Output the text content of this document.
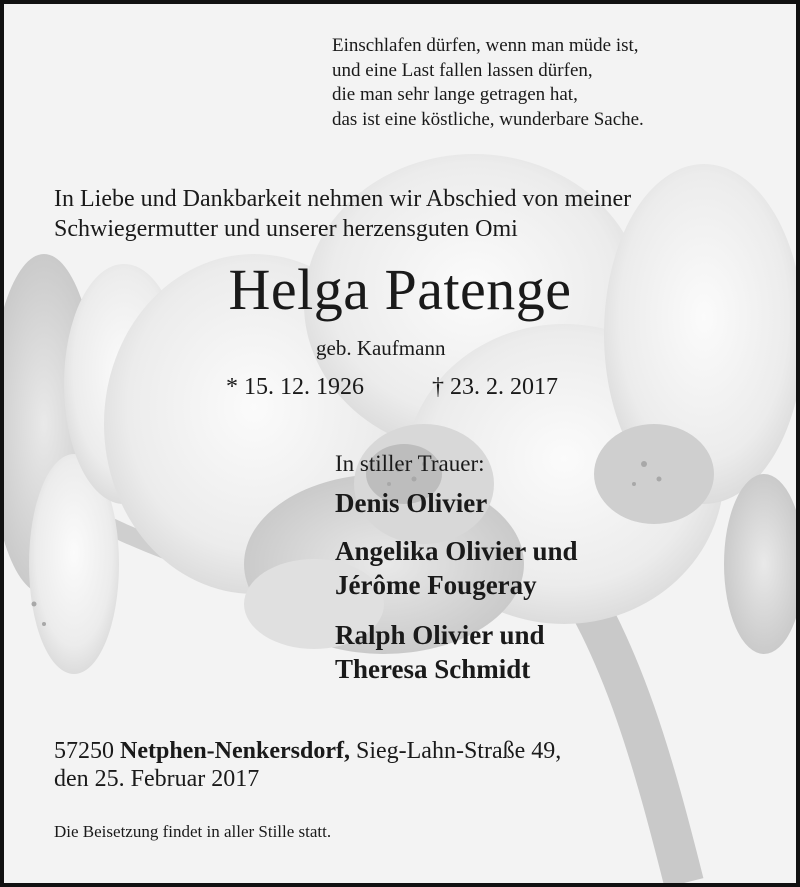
Einschlafen dürfen, wenn man müde ist,
und eine Last fallen lassen dürfen,
die man sehr lange getragen hat,
das ist eine köstliche, wunderbare Sache.
In Liebe und Dankbarkeit nehmen wir Abschied von meiner
Schwiegermutter und unserer herzensguten Omi
Helga Patenge
geb. Kaufmann
* 15. 12. 1926	† 23. 2. 2017
In stiller Trauer:
Denis Olivier
Angelika Olivier und
Jérôme Fougeray
Ralph Olivier und
Theresa Schmidt
57250 Netphen-Nenkersdorf, Sieg-Lahn-Straße 49,
den 25. Februar 2017
Die Beisetzung findet in aller Stille statt.
